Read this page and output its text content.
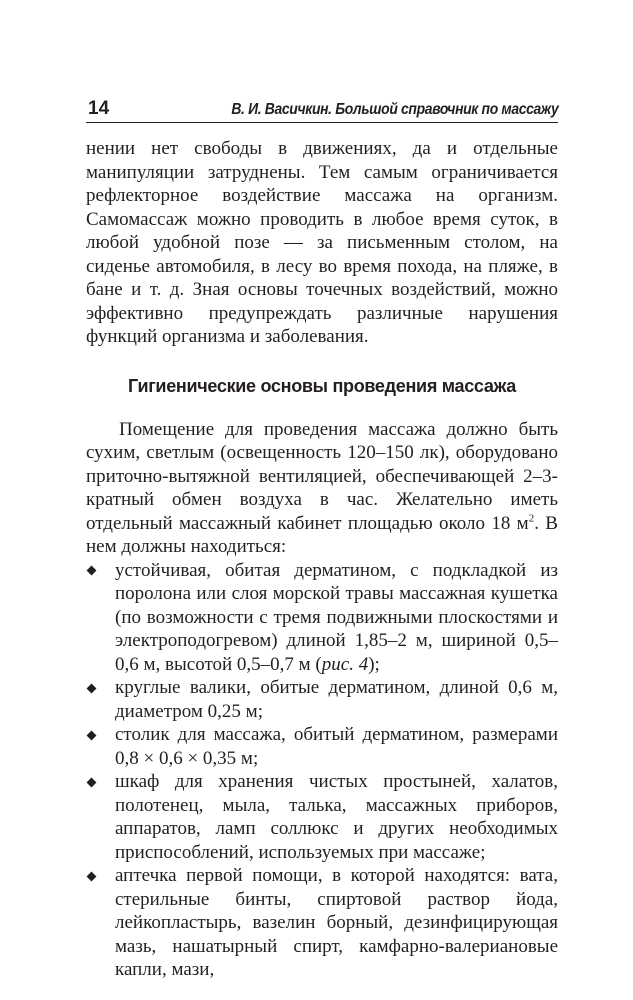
14	В. И. Васичкин. Большой справочник по массажу

нении нет свободы в движениях, да и отдельные манипуляции затруднены. Тем самым ограничивается рефлекторное воздействие массажа на организм. Самомассаж можно проводить в любое время суток, в любой удобной позе — за письменным столом, на сиденье автомобиля, в лесу во время похода, на пляже, в бане и т. д. Зная основы точечных воздействий, можно эффективно предупреждать различные нарушения функций организма и заболевания.

Гигиенические основы проведения массажа

Помещение для проведения массажа должно быть сухим, светлым (освещенность 120–150 лк), оборудовано приточно-вытяжной вентиляцией, обеспечивающей 2–3-кратный обмен воздуха в час. Желательно иметь отдельный массажный кабинет площадью около 18 $м^2$. В нем должны находиться:

устойчивая, обитая дерматином, с подкладкой из поролона или слоя морской травы массажная кушетка (по возможности с тремя подвижными плоскостями и электроподогревом) длиной 1,85–2 м, шириной 0,5–0,6 м, высотой 0,5–0,7 м (рис. 4);
круглые валики, обитые дерматином, длиной 0,6 м, диаметром 0,25 м;
столик для массажа, обитый дерматином, размерами 0,8 × 0,6 × 0,35 м;
шкаф для хранения чистых простыней, халатов, полотенец, мыла, талька, массажных приборов, аппаратов, ламп соллюкс и других необходимых приспособлений, используемых при массаже;
аптечка первой помощи, в которой находятся: вата, стерильные бинты, спиртовой раствор йода, лейкопластырь, вазелин борный, дезинфицирующая мазь, нашатырный спирт, камфарно-валериановые капли, мази,
